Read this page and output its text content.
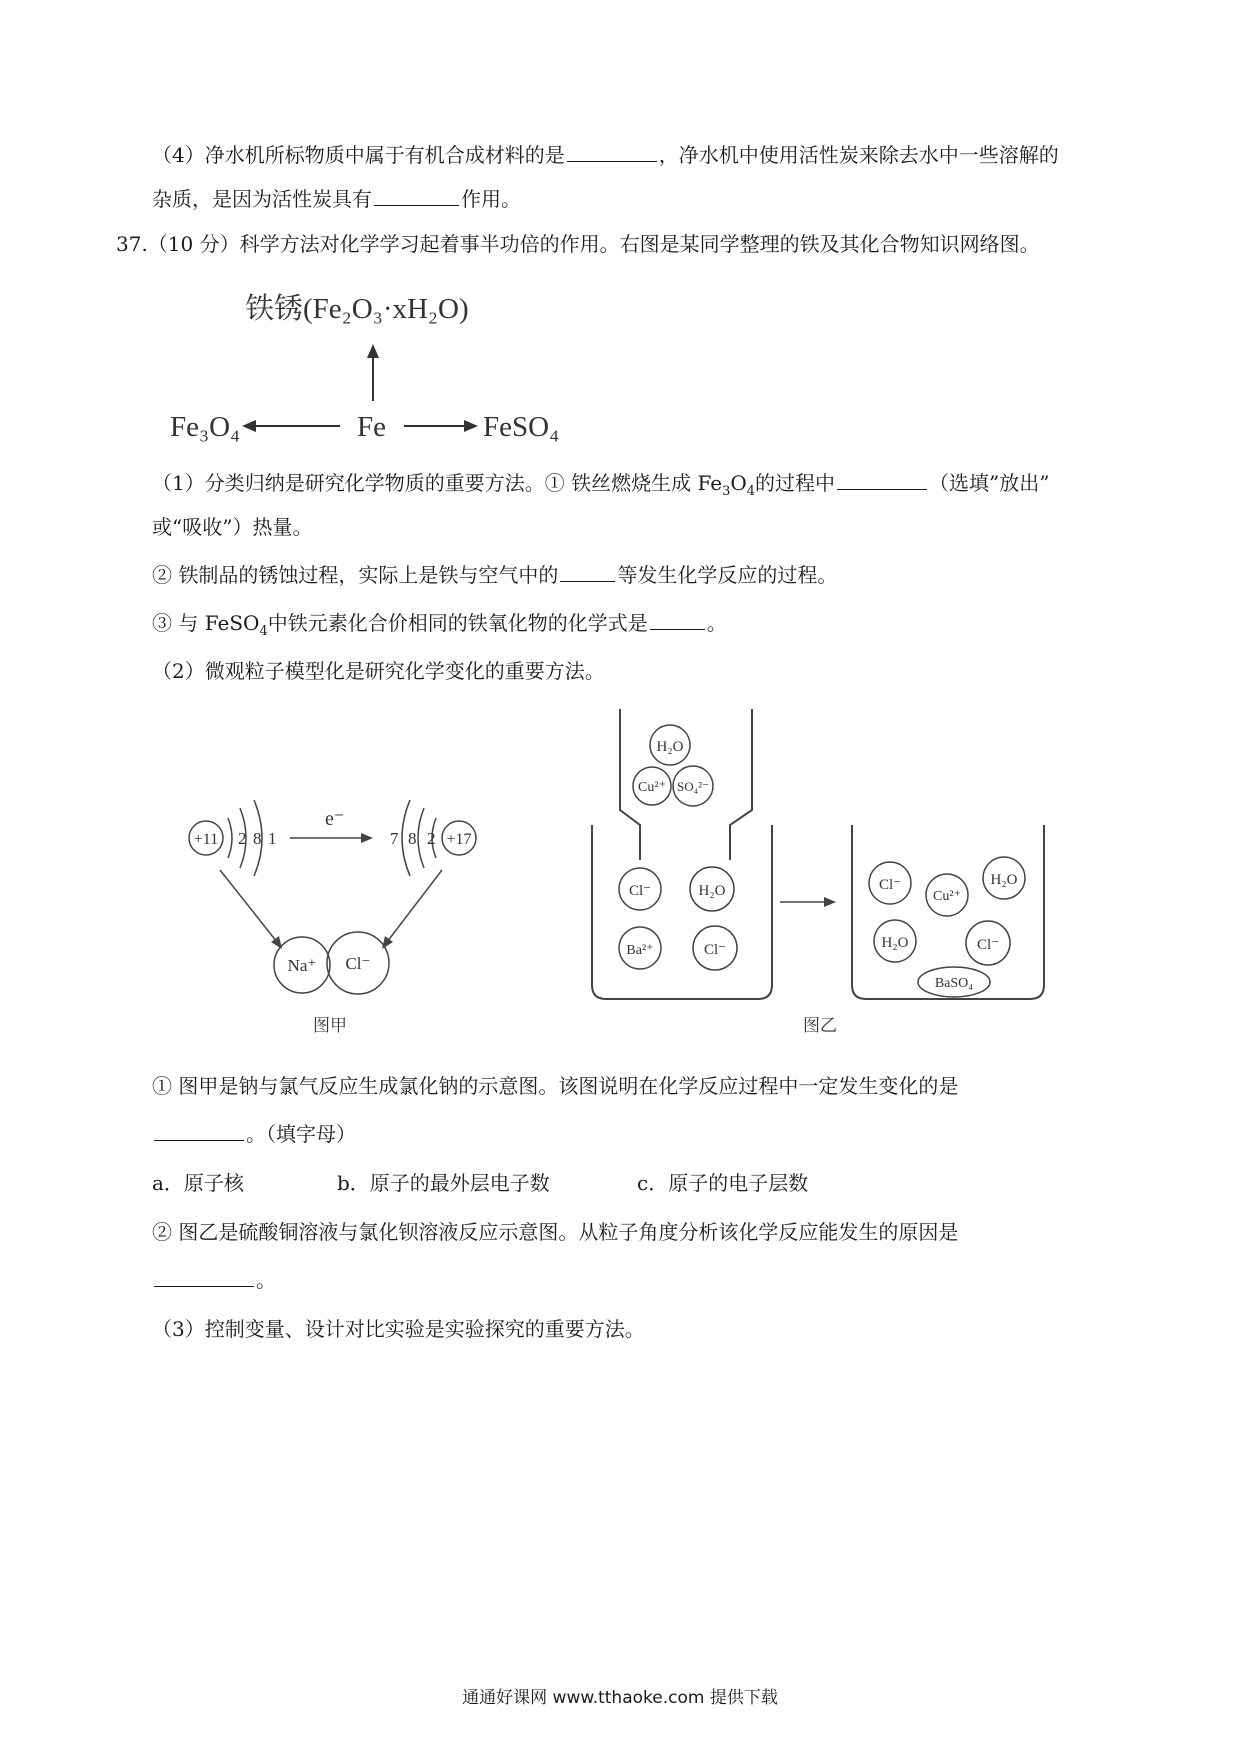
（4）净水机所标物质中属于有机合成材料的是	，净水机中使用活性炭来除去水中一些溶解的
杂质，是因为活性炭具有	作用。
37.（10 分）科学方法对化学学习起着事半功倍的作用。右图是某同学整理的铁及其化合物知识网络图。
铁锈(Fe₂O₃·xH₂O)
Fe₃O₄	Fe	FeSO₄
（1）分类归纳是研究化学物质的重要方法。① 铁丝燃烧生成 $Fe_3O_4$的过程中	（选填”放出”
或“吸收”）热量。
② 铁制品的锈蚀过程，实际上是铁与空气中的	等发生化学反应的过程。
③ 与 FeSO$_4$中铁元素化合价相同的铁氧化物的化学式是	。
（2）微观粒子模型化是研究化学变化的重要方法。
+11 2 8 1
e⁻
7 8 2 +17
Na⁺ Cl⁻
图甲
H₂O
Cu²⁺ SO₄²⁻
Cl⁻	H₂O
Ba²⁺	Cl⁻
Cl⁻
Cu²⁺
H₂O
H₂O	Cl⁻
BaSO₄
图乙
① 图甲是钠与氯气反应生成氯化钠的示意图。该图说明在化学反应过程中一定发生变化的是
。（填字母）
a．原子核	b．原子的最外层电子数	c．原子的电子层数
② 图乙是硫酸铜溶液与氯化钡溶液反应示意图。从粒子角度分析该化学反应能发生的原因是
。
（3）控制变量、设计对比实验是实验探究的重要方法。
通通好课网 www.tthaoke.com 提供下载
